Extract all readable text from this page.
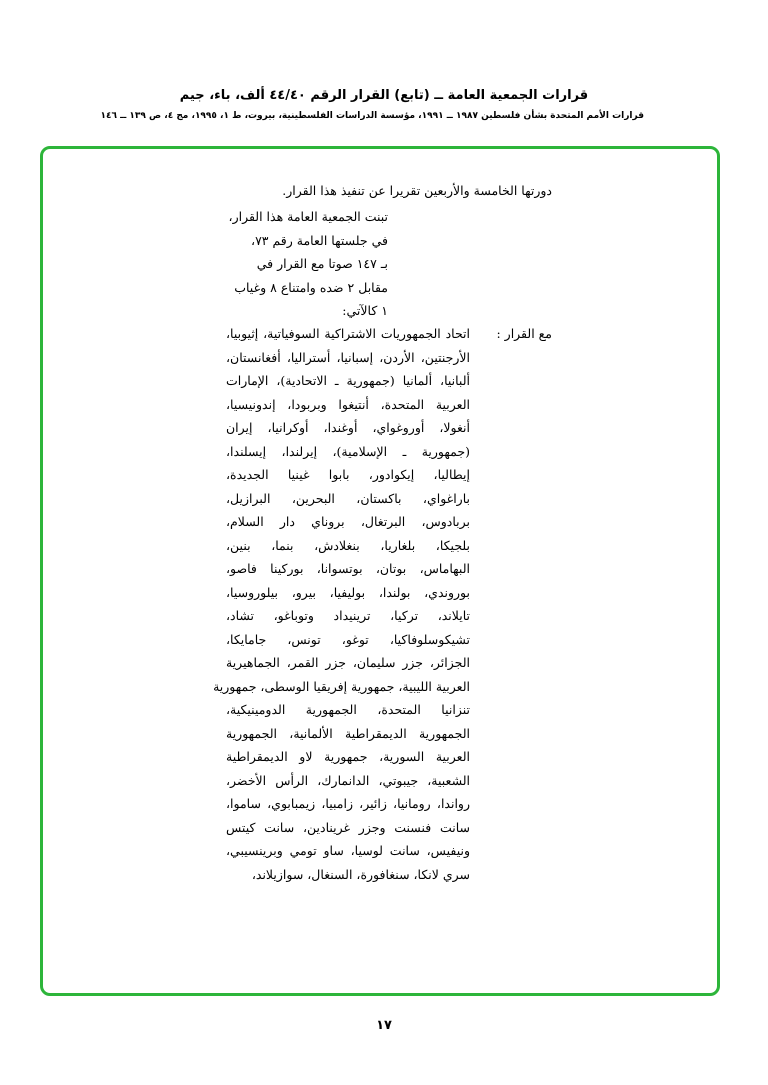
قرارات الجمعية العامة ــ (تابع) القرار الرقم ٤٤/٤٠ ألف، باء، جيم
قرارات الأمم المتحدة بشأن فلسطين ١٩٨٧ ــ ١٩٩١، مؤسسة الدراسات الفلسطينية، بيروت، ط ١، ١٩٩٥، مج ٤، ص ١٣٩ ــ ١٤٦
دورتها الخامسة والأربعين تقريرا عن تنفيذ هذا القرار.
تبنت الجمعية العامة هذا القرار،
في جلستها العامة رقم ٧٣،
بـ ١٤٧ صوتا مع القرار في
مقابل ٢ ضده وامتناع ٨ وغياب
١ كالآتي:
مع القرار :
اتحاد الجمهوريات الاشتراكية السوفياتية، إثيوبيا،
الأرجنتين، الأردن، إسبانيا، أستراليا، أفغانستان،
ألبانيا، ألمانيا (جمهورية ـ الاتحادية)، الإمارات
العربية المتحدة، أنتيغوا وبربودا، إندونيسيا،
أنغولا، أوروغواي، أوغندا، أوكرانيا، إيران
(جمهورية ـ الإسلامية)، إيرلندا، إيسلندا،
إيطاليا، إيكوادور، بابوا غينيا الجديدة،
باراغواي، باكستان، البحرين، البرازيل،
بربادوس، البرتغال، بروناي دار السلام،
بلجيكا، بلغاريا، بنغلادش، بنما، بنين،
البهاماس، بوتان، بوتسوانا، بوركينا فاصو،
بوروندي، بولندا، بوليفيا، بيرو، بيلوروسيا،
تايلاند، تركيا، ترينيداد وتوباغو، تشاد،
تشيكوسلوفاكيا، توغو، تونس، جامايكا،
الجزائر، جزر سليمان، جزر القمر، الجماهيرية
العربية الليبية، جمهورية إفريقيا الوسطى، جمهورية
تنزانيا المتحدة، الجمهورية الدومينيكية،
الجمهورية الديمقراطية الألمانية، الجمهورية
العربية السورية، جمهورية لاو الديمقراطية
الشعبية، جيبوتي، الدانمارك، الرأس الأخضر،
رواندا، رومانيا، زائير، زامبيا، زيمبابوي، ساموا،
سانت فنسنت وجزر غرينادين، سانت كيتس
ونيفيس، سانت لوسيا، ساو تومي وبرينسيبي،
سري لانكا، سنغافورة، السنغال، سوازيلاند،
١٧
